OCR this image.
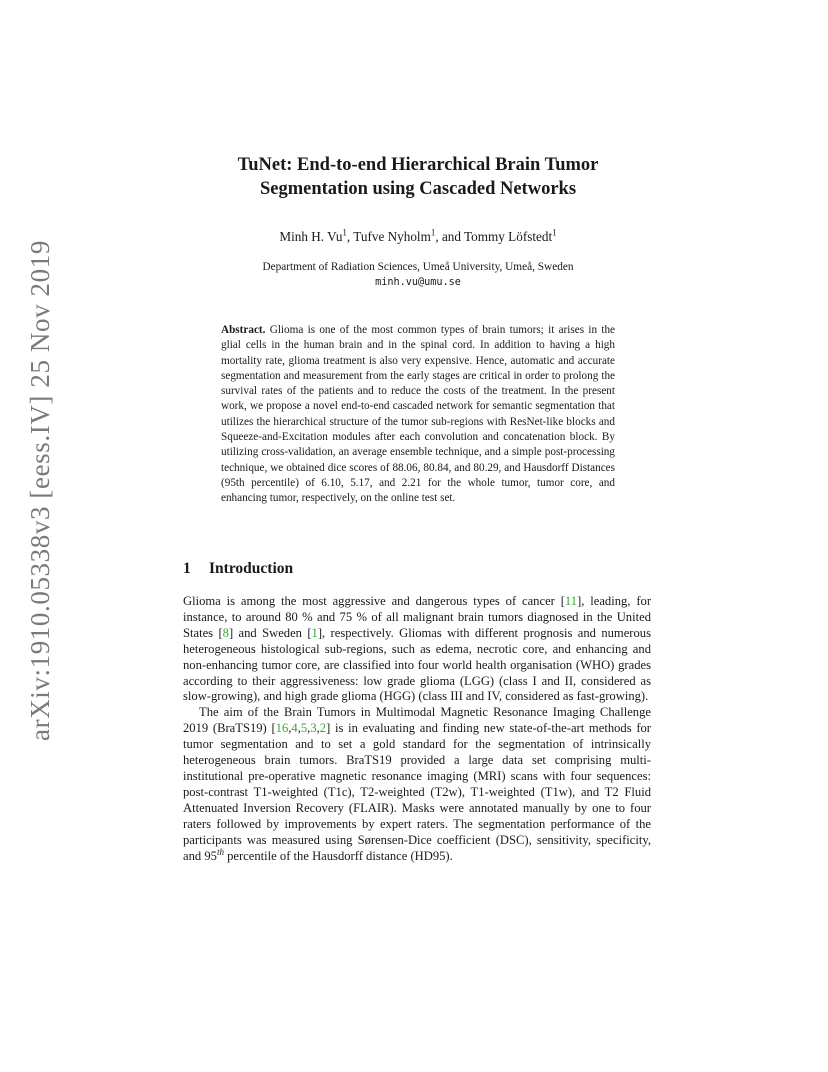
arXiv:1910.05338v3 [eess.IV] 25 Nov 2019
TuNet: End-to-end Hierarchical Brain Tumor Segmentation using Cascaded Networks
Minh H. Vu$^1$, Tufve Nyholm$^1$, and Tommy Löfstedt$^1$
Department of Radiation Sciences, Umeå University, Umeå, Sweden
minh.vu@umu.se
Abstract. Glioma is one of the most common types of brain tumors; it arises in the glial cells in the human brain and in the spinal cord. In addition to having a high mortality rate, glioma treatment is also very expensive. Hence, automatic and accurate segmentation and measurement from the early stages are critical in order to prolong the survival rates of the patients and to reduce the costs of the treatment. In the present work, we propose a novel end-to-end cascaded network for semantic segmentation that utilizes the hierarchical structure of the tumor sub-regions with ResNet-like blocks and Squeeze-and-Excitation modules after each convolution and concatenation block. By utilizing cross-validation, an average ensemble technique, and a simple post-processing technique, we obtained dice scores of 88.06, 80.84, and 80.29, and Hausdorff Distances (95th percentile) of 6.10, 5.17, and 2.21 for the whole tumor, tumor core, and enhancing tumor, respectively, on the online test set.
1 Introduction

Glioma is among the most aggressive and dangerous types of cancer [11], leading, for instance, to around 80 % and 75 % of all malignant brain tumors diagnosed in the United States [8] and Sweden [1], respectively. Gliomas with different prognosis and numerous heterogeneous histological sub-regions, such as edema, necrotic core, and enhancing and non-enhancing tumor core, are classified into four world health organisation (WHO) grades according to their aggressiveness: low grade glioma (LGG) (class I and II, considered as slow-growing), and high grade glioma (HGG) (class III and IV, considered as fast-growing).

The aim of the Brain Tumors in Multimodal Magnetic Resonance Imaging Challenge 2019 (BraTS19) [16,4,5,3,2] is in evaluating and finding new state-of-the-art methods for tumor segmentation and to set a gold standard for the segmentation of intrinsically heterogeneous brain tumors. BraTS19 provided a large data set comprising multi-institutional pre-operative magnetic resonance imaging (MRI) scans with four sequences: post-contrast T1-weighted (T1c), T2-weighted (T2w), T1-weighted (T1w), and T2 Fluid Attenuated Inversion Recovery (FLAIR). Masks were annotated manually by one to four raters followed by improvements by expert raters. The segmentation performance of the participants was measured using Sørensen-Dice coefficient (DSC), sensitivity, specificity, and 95th percentile of the Hausdorff distance (HD95).
